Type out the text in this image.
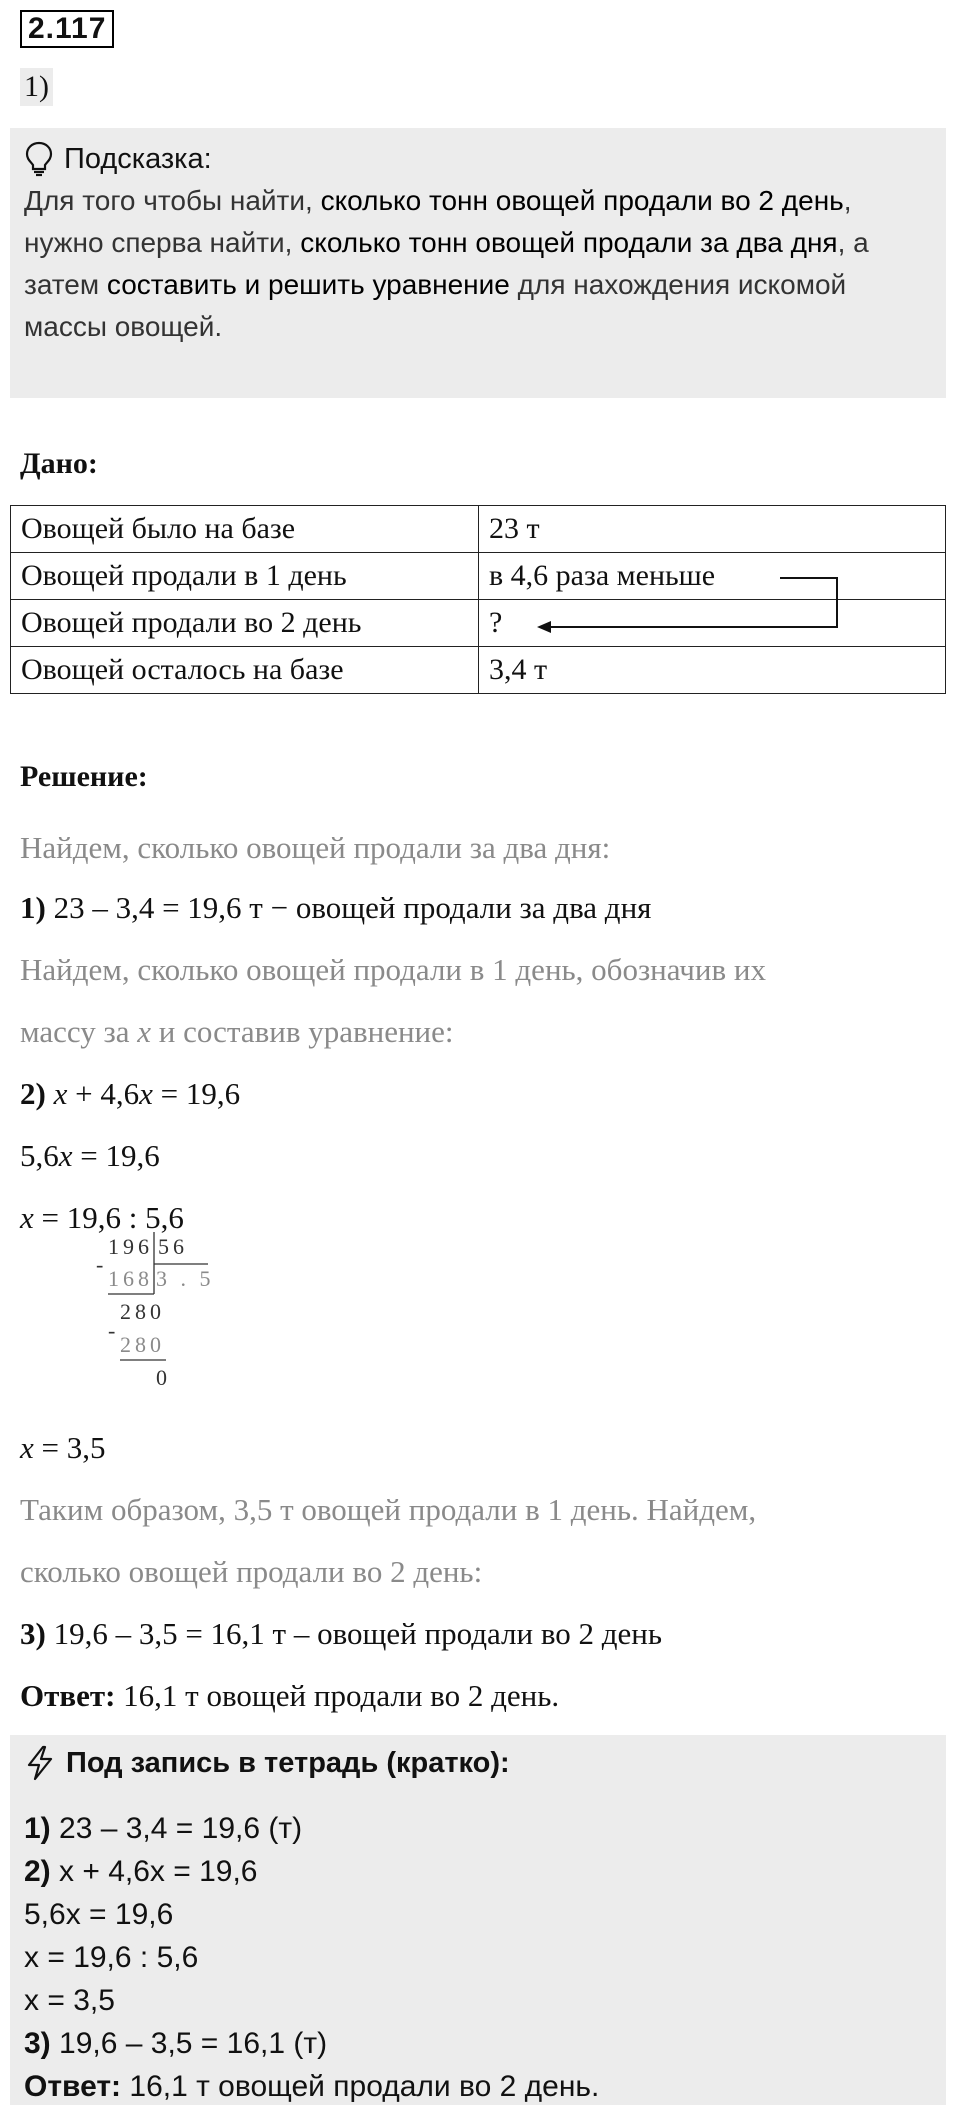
2.117
1)
Подсказка:
Для того чтобы найти, сколько тонн овощей продали во 2 день, нужно сперва найти, сколько тонн овощей продали за два дня, а затем составить и решить уравнение для нахождения искомой массы овощей.
Дано:
Овощей было на базе	23 т
Овощей продали в 1 день	в 4,6 раза меньше
Овощей продали во 2 день	?
Овощей осталось на базе	3,4 т
Решение:
Найдем, сколько овощей продали за два дня:
1) 23 – 3,4 = 19,6 т − овощей продали за два дня
Найдем, сколько овощей продали в 1 день, обозначив их
массу за x и составив уравнение:
2) x + 4,6x = 19,6
5,6x = 19,6
x = 19,6 : 5,6
196 56
-
168 3 . 5
280
-
280
0
x = 3,5
Таким образом, 3,5 т овощей продали в 1 день. Найдем,
сколько овощей продали во 2 день:
3) 19,6 – 3,5 = 16,1 т – овощей продали во 2 день
Ответ: 16,1 т овощей продали во 2 день.
Под запись в тетрадь (кратко):
1) 23 – 3,4 = 19,6 (т)
2) x + 4,6x = 19,6
5,6x = 19,6
x = 19,6 : 5,6
x = 3,5
3) 19,6 – 3,5 = 16,1 (т)
Ответ: 16,1 т овощей продали во 2 день.
